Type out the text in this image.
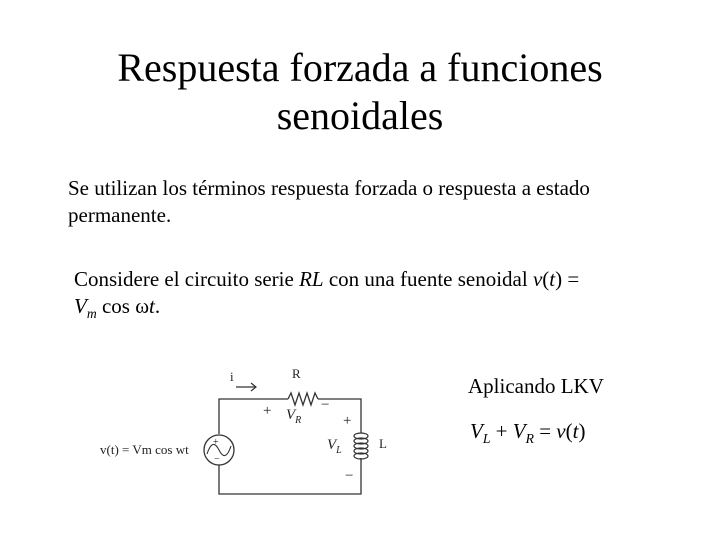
Respuesta forzada a funciones
senoidales
Se utilizan los términos respuesta forzada o respuesta a estado permanente.
Considere el circuito serie RL con una fuente senoidal v(t) =
$V_m$ cos ωt.
i	R
L
v(t) = Vm cos wt
+ $V_R$
−
+
$V_L$
−
+
−
Aplicando LKV
$V_L + V_R = v(t)$
